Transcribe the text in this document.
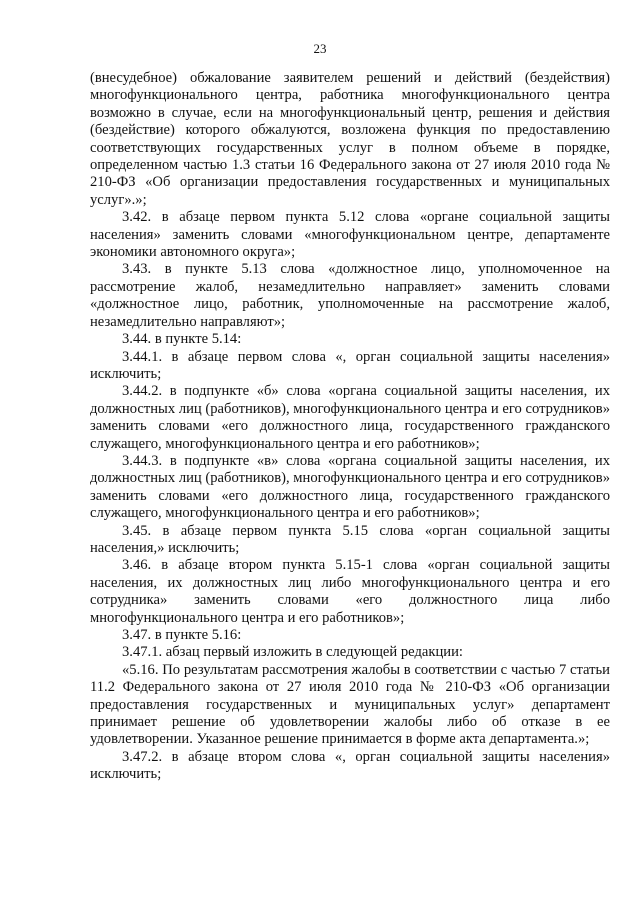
23

(внесудебное) обжалование заявителем решений и действий (бездействия) многофункционального центра, работника многофункционального центра возможно в случае, если на многофункциональный центр, решения и действия (бездействие) которого обжалуются, возложена функция по предоставлению соответствующих государственных услуг в полном объеме в порядке, определенном частью 1.3 статьи 16 Федерального закона от 27 июля 2010 года № 210-ФЗ «Об организации предоставления государственных и муниципальных услуг».»;

3.42. в абзаце первом пункта 5.12 слова «органе социальной защиты населения» заменить словами «многофункциональном центре, департаменте экономики автономного округа»;

3.43. в пункте 5.13 слова «должностное лицо, уполномоченное на рассмотрение жалоб, незамедлительно направляет» заменить словами «должностное лицо, работник, уполномоченные на рассмотрение жалоб, незамедлительно направляют»;

3.44. в пункте 5.14:

3.44.1. в абзаце первом слова «, орган социальной защиты населения» исключить;

3.44.2. в подпункте «б» слова «органа социальной защиты населения, их должностных лиц (работников), многофункционального центра и его сотрудников» заменить словами «его должностного лица, государственного гражданского служащего, многофункционального центра и его работников»;

3.44.3. в подпункте «в» слова «органа социальной защиты населения, их должностных лиц (работников), многофункционального центра и его сотрудников» заменить словами «его должностного лица, государственного гражданского служащего, многофункционального центра и его работников»;

3.45. в абзаце первом пункта 5.15 слова «орган социальной защиты населения,» исключить;

3.46. в абзаце втором пункта 5.15-1 слова «орган социальной защиты населения, их должностных лиц либо многофункционального центра и его сотрудника» заменить словами «его должностного лица либо многофункционального центра и его работников»;

3.47. в пункте 5.16:

3.47.1. абзац первый изложить в следующей редакции:

«5.16. По результатам рассмотрения жалобы в соответствии с частью 7 статьи 11.2 Федерального закона от 27 июля 2010 года № 210-ФЗ «Об организации предоставления государственных и муниципальных услуг» департамент принимает решение об удовлетворении жалобы либо об отказе в ее удовлетворении. Указанное решение принимается в форме акта департамента.»;

3.47.2. в абзаце втором слова «, орган социальной защиты населения» исключить;
